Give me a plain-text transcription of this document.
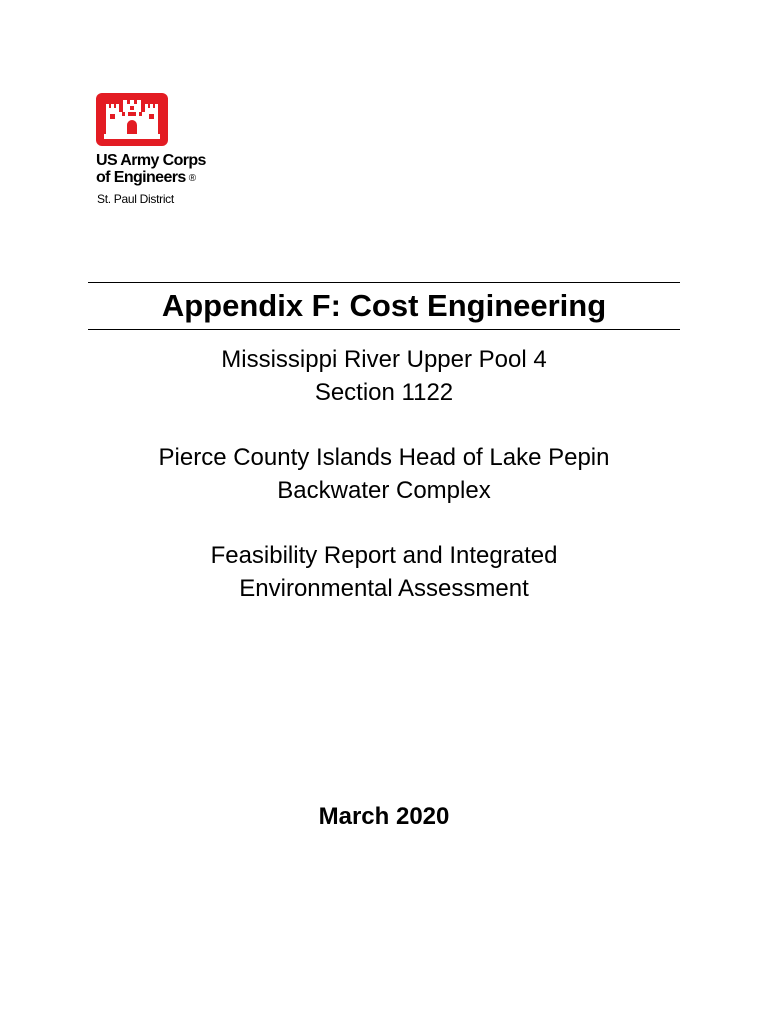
US Army Corps
of Engineers ®
St. Paul District
Appendix F: Cost Engineering
Mississippi River Upper Pool 4
Section 1122
Pierce County Islands Head of Lake Pepin
Backwater Complex
Feasibility Report and Integrated
Environmental Assessment
March 2020
